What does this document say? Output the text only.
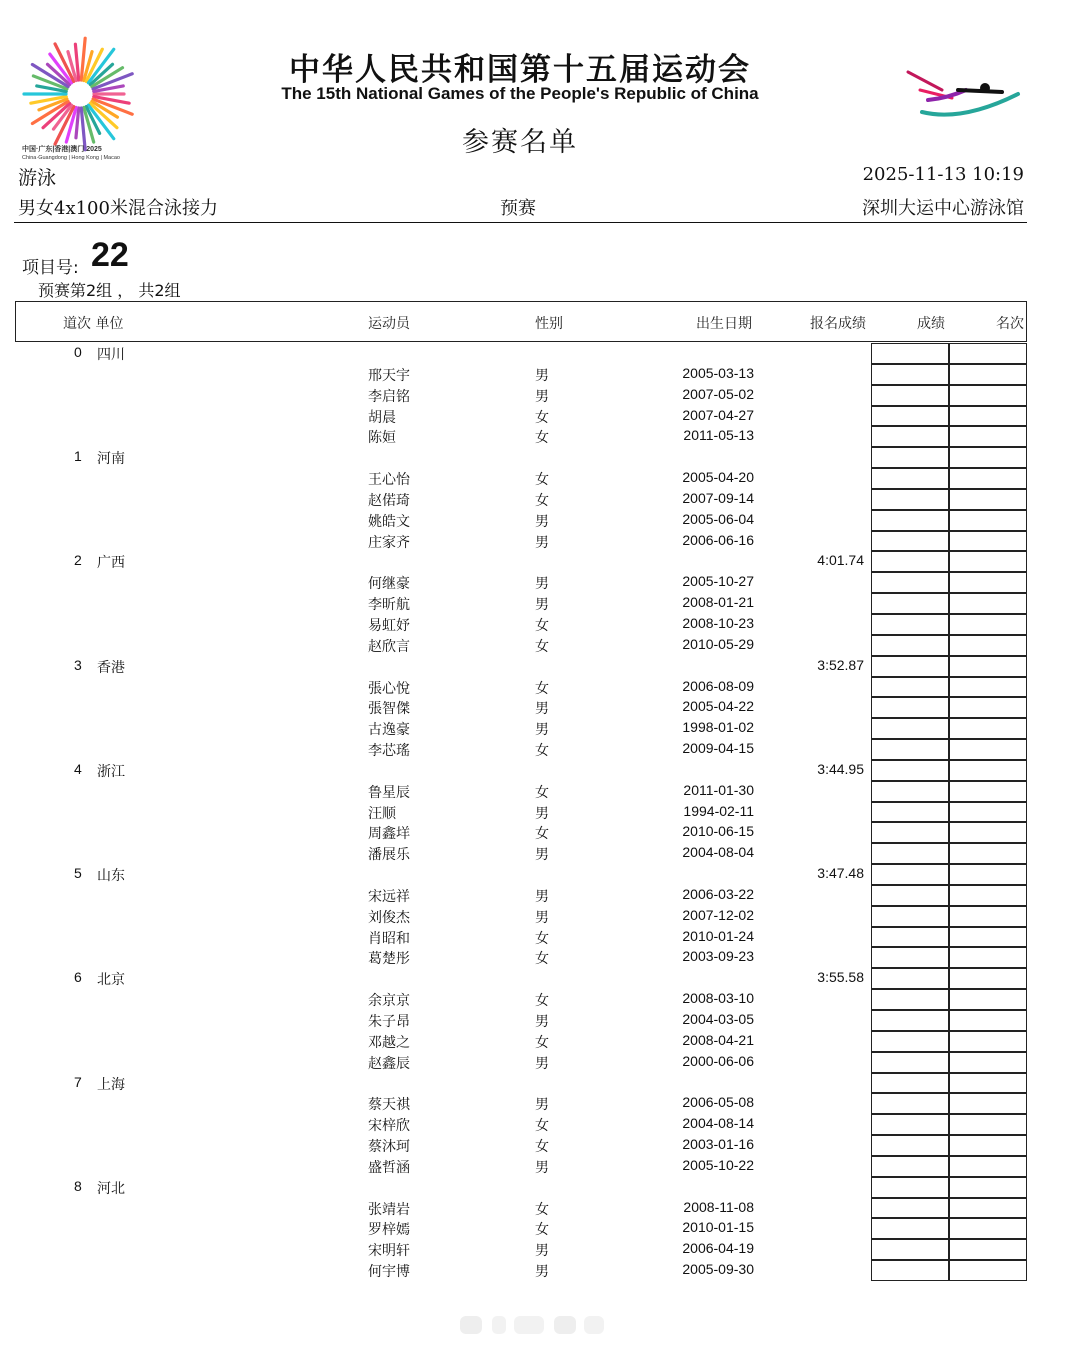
中国·广东|香港|澳门 2025
China·Guangdong | Hong Kong | Macao
中华人民共和国第十五届运动会
The 15th National Games of the People's Republic of China
参赛名单
游泳	2025-11-13 10:19
男女4x100米混合泳接力	预赛	深圳大运中心游泳馆
项目号: 22
预赛第2组 ， 共2组
道次 单位	运动员	性别	出生日期	报名成绩	成绩	名次
0 四川
邢天宇	男	2005-03-13
李启铭	男	2007-05-02
胡晨	女	2007-04-27
陈姮	女	2011-05-13
1 河南
王心怡	女	2005-04-20
赵偌琦	女	2007-09-14
姚皓文	男	2005-06-04
庄家齐	男	2006-06-16
2 广西	4:01.74
何继豪	男	2005-10-27
李昕航	男	2008-01-21
易虹妤	女	2008-10-23
赵欣言	女	2010-05-29
3 香港	3:52.87
張心悅	女	2006-08-09
張智傑	男	2005-04-22
古逸豪	男	1998-01-02
李芯瑤	女	2009-04-15
4 浙江	3:44.95
鲁星辰	女	2011-01-30
汪顺	男	1994-02-11
周鑫垟	女	2010-06-15
潘展乐	男	2004-08-04
5 山东	3:47.48
宋远祥	男	2006-03-22
刘俊杰	男	2007-12-02
肖昭和	女	2010-01-24
葛楚彤	女	2003-09-23
6 北京	3:55.58
余京京	女	2008-03-10
朱子昂	男	2004-03-05
邓越之	女	2008-04-21
赵鑫辰	男	2000-06-06
7 上海
蔡天祺	男	2006-05-08
宋梓欣	女	2004-08-14
蔡沐珂	女	2003-01-16
盛哲涵	男	2005-10-22
8 河北
张靖岩	女	2008-11-08
罗梓嫣	女	2010-01-15
宋明轩	男	2006-04-19
何宇博	男	2005-09-30
